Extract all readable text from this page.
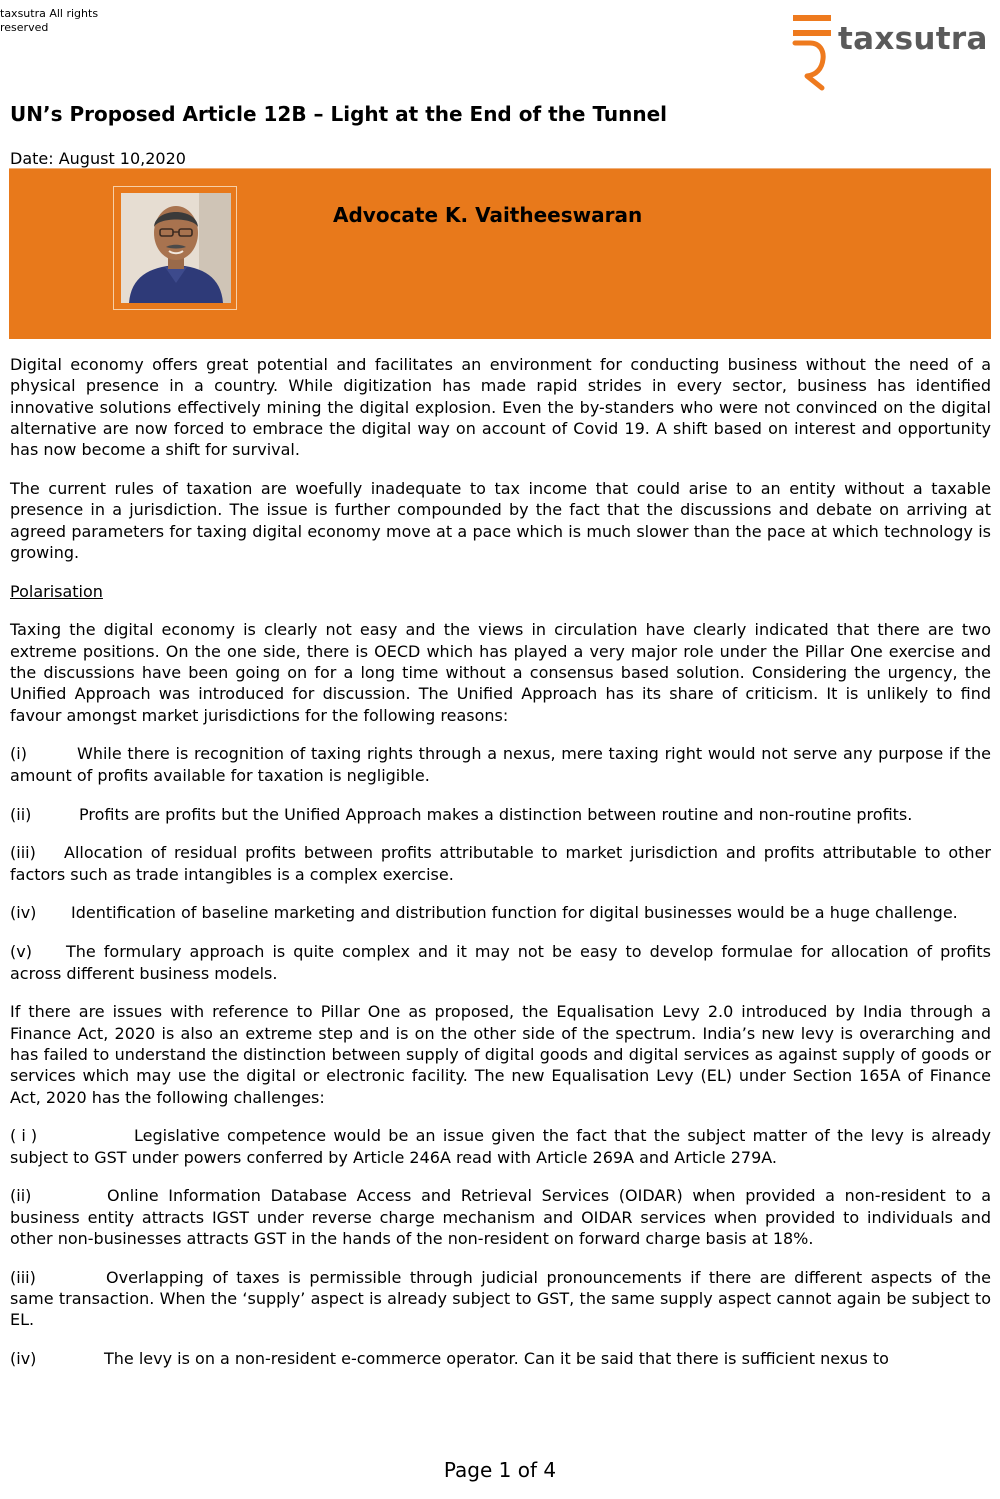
taxsutra All rights reserved	taxsutra
UN’s Proposed Article 12B – Light at the End of the Tunnel
Date: August 10,2020
Advocate K. Vaitheeswaran

Digital economy offers great potential and facilitates an environment for conducting business without the need of a physical presence in a country. While digitization has made rapid strides in every sector, business has identified innovative solutions effectively mining the digital explosion. Even the by-standers who were not convinced on the digital alternative are now forced to embrace the digital way on account of Covid 19. A shift based on interest and opportunity has now become a shift for survival.

The current rules of taxation are woefully inadequate to tax income that could arise to an entity without a taxable presence in a jurisdiction. The issue is further compounded by the fact that the discussions and debate on arriving at agreed parameters for taxing digital economy move at a pace which is much slower than the pace at which technology is growing.

Polarisation

Taxing the digital economy is clearly not easy and the views in circulation have clearly indicated that there are two extreme positions. On the one side, there is OECD which has played a very major role under the Pillar One exercise and the discussions have been going on for a long time without a consensus based solution. Considering the urgency, the Unified Approach was introduced for discussion. The Unified Approach has its share of criticism. It is unlikely to find favour amongst market jurisdictions for the following reasons:

(i)	While there is recognition of taxing rights through a nexus, mere taxing right would not serve any purpose if the amount of profits available for taxation is negligible.

(ii)	Profits are profits but the Unified Approach makes a distinction between routine and non-routine profits.

(iii) Allocation of residual profits between profits attributable to market jurisdiction and profits attributable to other factors such as trade intangibles is a complex exercise.

(iv) Identification of baseline marketing and distribution function for digital businesses would be a huge challenge.

(v) The formulary approach is quite complex and it may not be easy to develop formulae for allocation of profits across different business models.

If there are issues with reference to Pillar One as proposed, the Equalisation Levy 2.0 introduced by India through a Finance Act, 2020 is also an extreme step and is on the other side of the spectrum. India’s new levy is overarching and has failed to understand the distinction between supply of digital goods and digital services as against supply of goods or services which may use the digital or electronic facility. The new Equalisation Levy (EL) under Section 165A of Finance Act, 2020 has the following challenges:

( i )	Legislative competence would be an issue given the fact that the subject matter of the levy is already subject to GST under powers conferred by Article 246A read with Article 269A and Article 279A.

(ii)	Online Information Database Access and Retrieval Services (OIDAR) when provided a non-resident to a business entity attracts IGST under reverse charge mechanism and OIDAR services when provided to individuals and other non-businesses attracts GST in the hands of the non-resident on forward charge basis at 18%.

(iii)	Overlapping of taxes is permissible through judicial pronouncements if there are different aspects of the same transaction. When the ‘supply’ aspect is already subject to GST, the same supply aspect cannot again be subject to EL.

(iv)	The levy is on a non-resident e-commerce operator. Can it be said that there is sufficient nexus to

Page 1 of 4
